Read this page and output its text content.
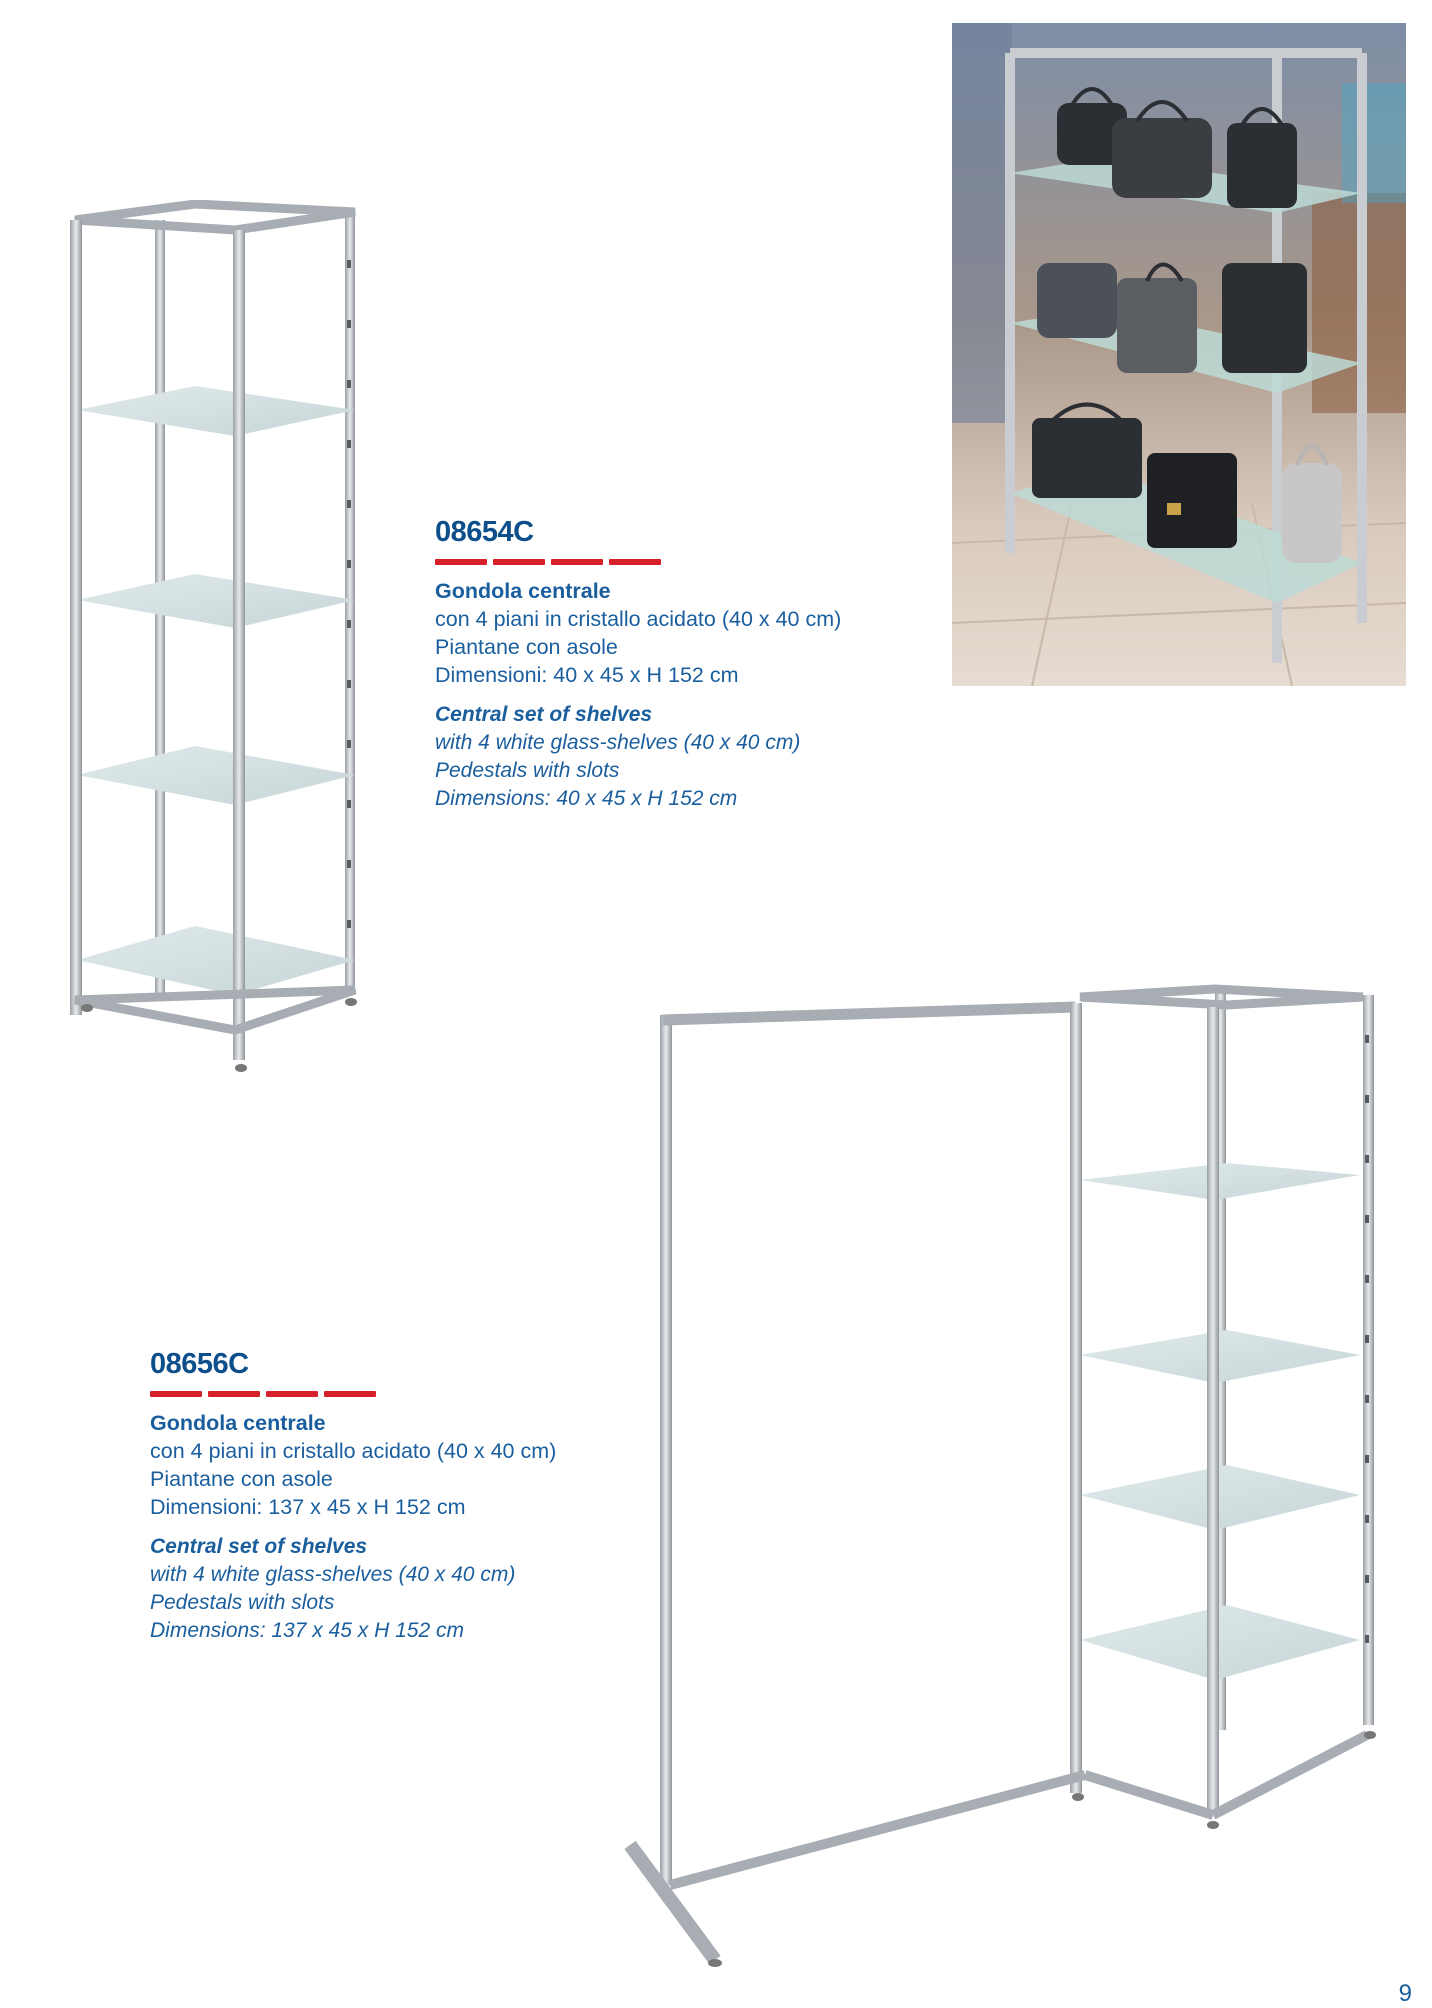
08654C
Gondola centrale
con 4 piani in cristallo acidato (40 x 40 cm)
Piantane con asole
Dimensioni: 40 x 45 x H 152 cm
Central set of shelves
with 4 white glass-shelves (40 x 40 cm)
Pedestals with slots
Dimensions: 40 x 45 x H 152 cm
08656C
Gondola centrale
con 4 piani in cristallo acidato (40 x 40 cm)
Piantane con asole
Dimensioni: 137 x 45 x H 152 cm
Central set of shelves
with 4 white glass-shelves (40 x 40 cm)
Pedestals with slots
Dimensions: 137 x 45 x H 152 cm
9
